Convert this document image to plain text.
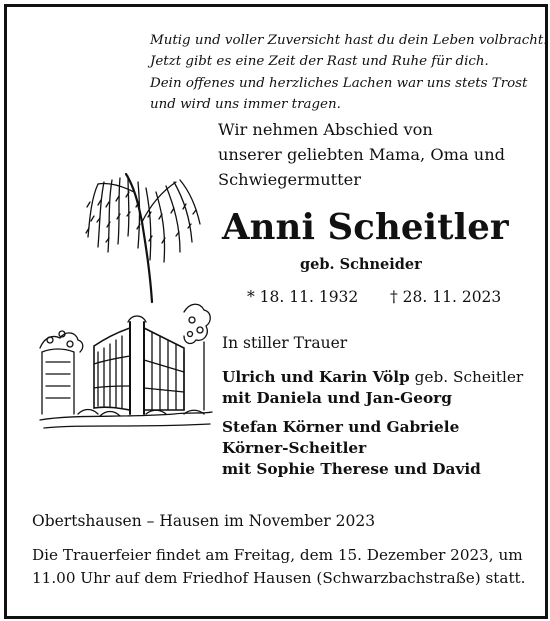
Mutig und voller Zuversicht hast du dein Leben volbracht.
Jetzt gibt es eine Zeit der Rast und Ruhe für dich.
Dein offenes und herzliches Lachen war uns stets Trost
und wird uns immer tragen.
Wir nehmen Abschied von
unserer geliebten Mama, Oma und
Schwiegermutter
Anni Scheitler
geb. Schneider
* 18. 11. 1932 † 28. 11. 2023
In stiller Trauer
Ulrich und Karin Völp geb. Scheitler
mit Daniela und Jan-Georg
Stefan Körner und Gabriele
Körner-Scheitler
mit Sophie Therese und David
Obertshausen – Hausen im November 2023
Die Trauerfeier findet am Freitag, dem 15. Dezember 2023, um
11.00 Uhr auf dem Friedhof Hausen (Schwarzbachstraße) statt.
